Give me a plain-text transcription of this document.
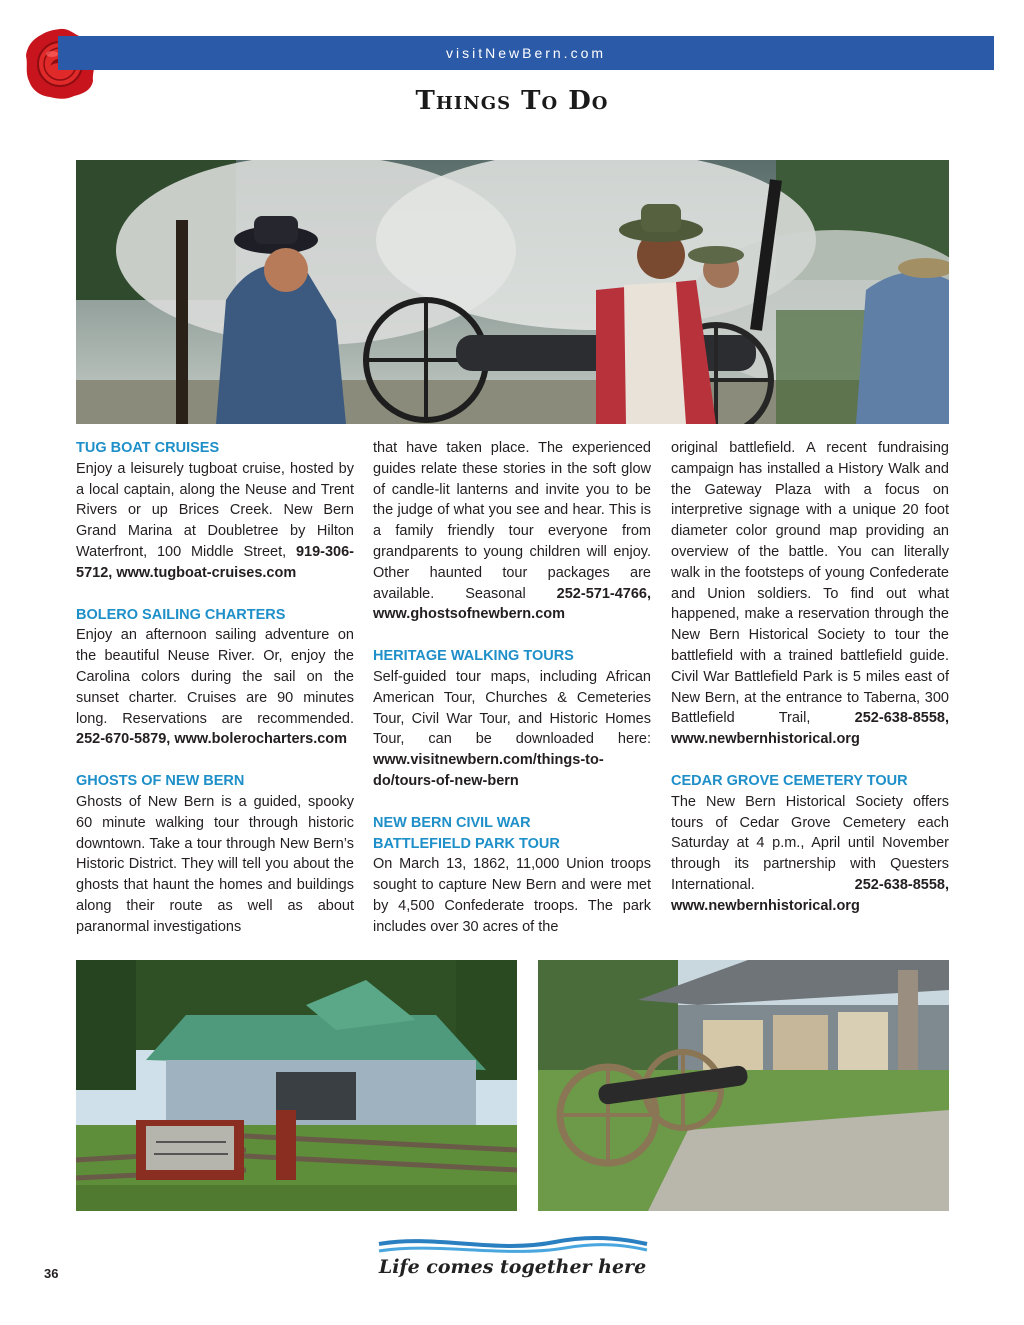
visitNewBern.com
Things To Do

TUG BOAT CRUISES

Enjoy a leisurely tugboat cruise, hosted by a local captain, along the Neuse and Trent Rivers or up Brices Creek. New Bern Grand Marina at Doubletree by Hilton Waterfront, 100 Middle Street, 919-306-5712, www.tugboat-cruises.com

BOLERO SAILING CHARTERS

Enjoy an afternoon sailing adventure on the beautiful Neuse River. Or, enjoy the Carolina colors during the sail on the sunset charter. Cruises are 90 minutes long. Reservations are recommended. 252-670-5879, www.bolerocharters.com

GHOSTS OF NEW BERN

Ghosts of New Bern is a guided, spooky 60 minute walking tour through historic downtown. Take a tour through New Bern’s Historic District. They will tell you about the ghosts that haunt the homes and buildings along their route as well as about paranormal investigations

that have taken place. The experienced guides relate these stories in the soft glow of candle-lit lanterns and invite you to be the judge of what you see and hear. This is a family friendly tour everyone from grandparents to young children will enjoy. Other haunted tour packages are available. Seasonal 252-571-4766, www.ghostsofnewbern.com

HERITAGE WALKING TOURS

Self-guided tour maps, including African American Tour, Churches & Cemeteries Tour, Civil War Tour, and Historic Homes Tour, can be downloaded here: www.visitnewbern.com/things-to-do/tours-of-new-bern

NEW BERN CIVIL WAR

BATTLEFIELD PARK TOUR

On March 13, 1862, 11,000 Union troops sought to capture New Bern and were met by 4,500 Confederate troops. The park includes over 30 acres of the

original battlefield. A recent fundraising campaign has installed a History Walk and the Gateway Plaza with a focus on interpretive signage with a unique 20 foot diameter color ground map providing an overview of the battle. You can literally walk in the footsteps of young Confederate and Union soldiers. To find out what happened, make a reservation through the New Bern Historical Society to tour the battlefield with a trained battlefield guide. Civil War Battlefield Park is 5 miles east of New Bern, at the entrance to Taberna, 300 Battlefield Trail,	252-638-8558, www.newbernhistorical.org

CEDAR GROVE CEMETERY TOUR

The New Bern Historical Society offers tours of Cedar Grove Cemetery each Saturday at 4 p.m., April until November through its partnership with Questers International.	252-638-8558, www.newbernhistorical.org

Life comes together here
36
